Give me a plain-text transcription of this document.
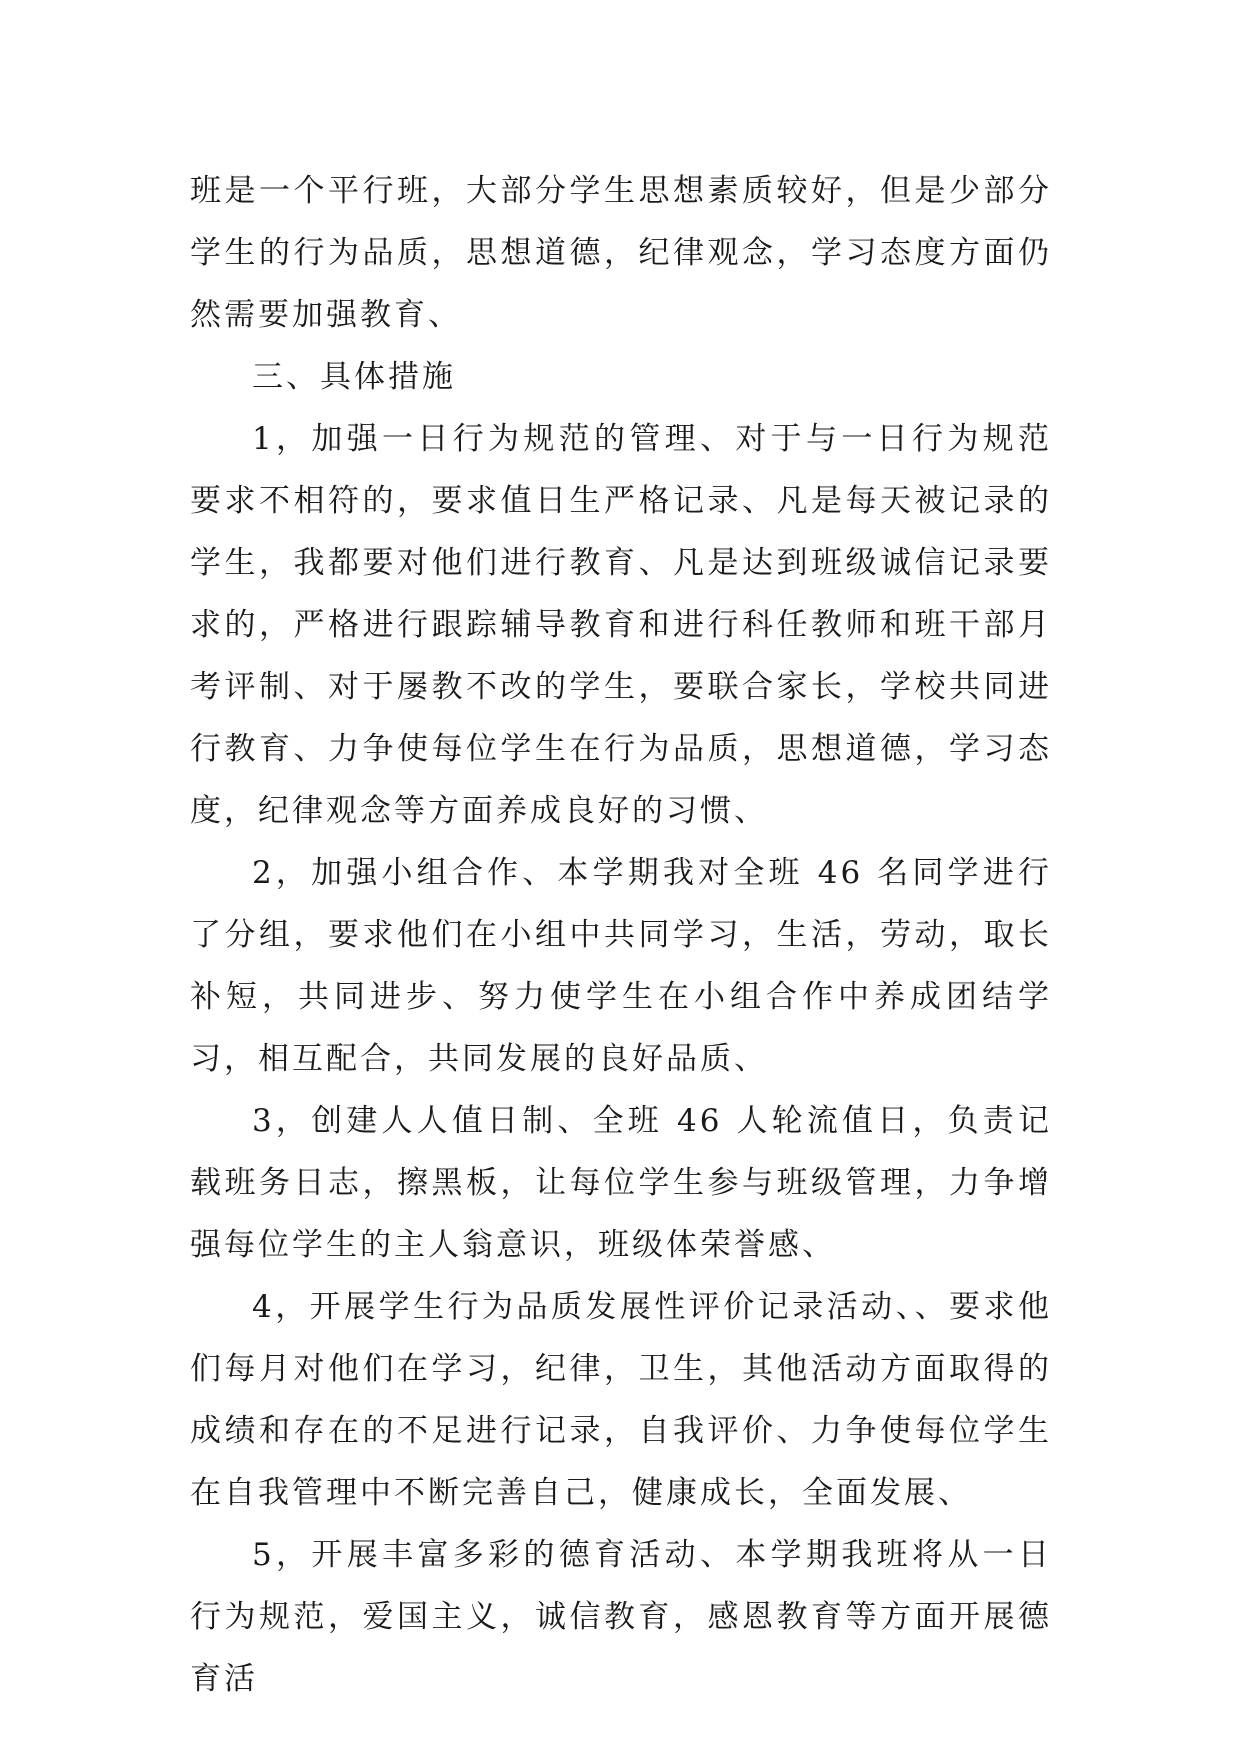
班是一个平行班，大部分学生思想素质较好，但是少部分学生的行为品质，思想道德，纪律观念，学习态度方面仍然需要加强教育、

三、具体措施

1，加强一日行为规范的管理、对于与一日行为规范要求不相符的，要求值日生严格记录、凡是每天被记录的学生，我都要对他们进行教育、凡是达到班级诚信记录要求的，严格进行跟踪辅导教育和进行科任教师和班干部月考评制、对于屡教不改的学生，要联合家长，学校共同进行教育、力争使每位学生在行为品质，思想道德，学习态度，纪律观念等方面养成良好的习惯、

2，加强小组合作、本学期我对全班 46 名同学进行了分组，要求他们在小组中共同学习，生活，劳动，取长补短，共同进步、努力使学生在小组合作中养成团结学习，相互配合，共同发展的良好品质、

3，创建人人值日制、全班 46 人轮流值日，负责记载班务日志，擦黑板，让每位学生参与班级管理，力争增强每位学生的主人翁意识，班级体荣誉感、

4，开展学生行为品质发展性评价记录活动、、要求他们每月对他们在学习，纪律，卫生，其他活动方面取得的成绩和存在的不足进行记录，自我评价、力争使每位学生在自我管理中不断完善自己，健康成长，全面发展、

5，开展丰富多彩的德育活动、本学期我班将从一日行为规范，爱国主义，诚信教育，感恩教育等方面开展德育活
